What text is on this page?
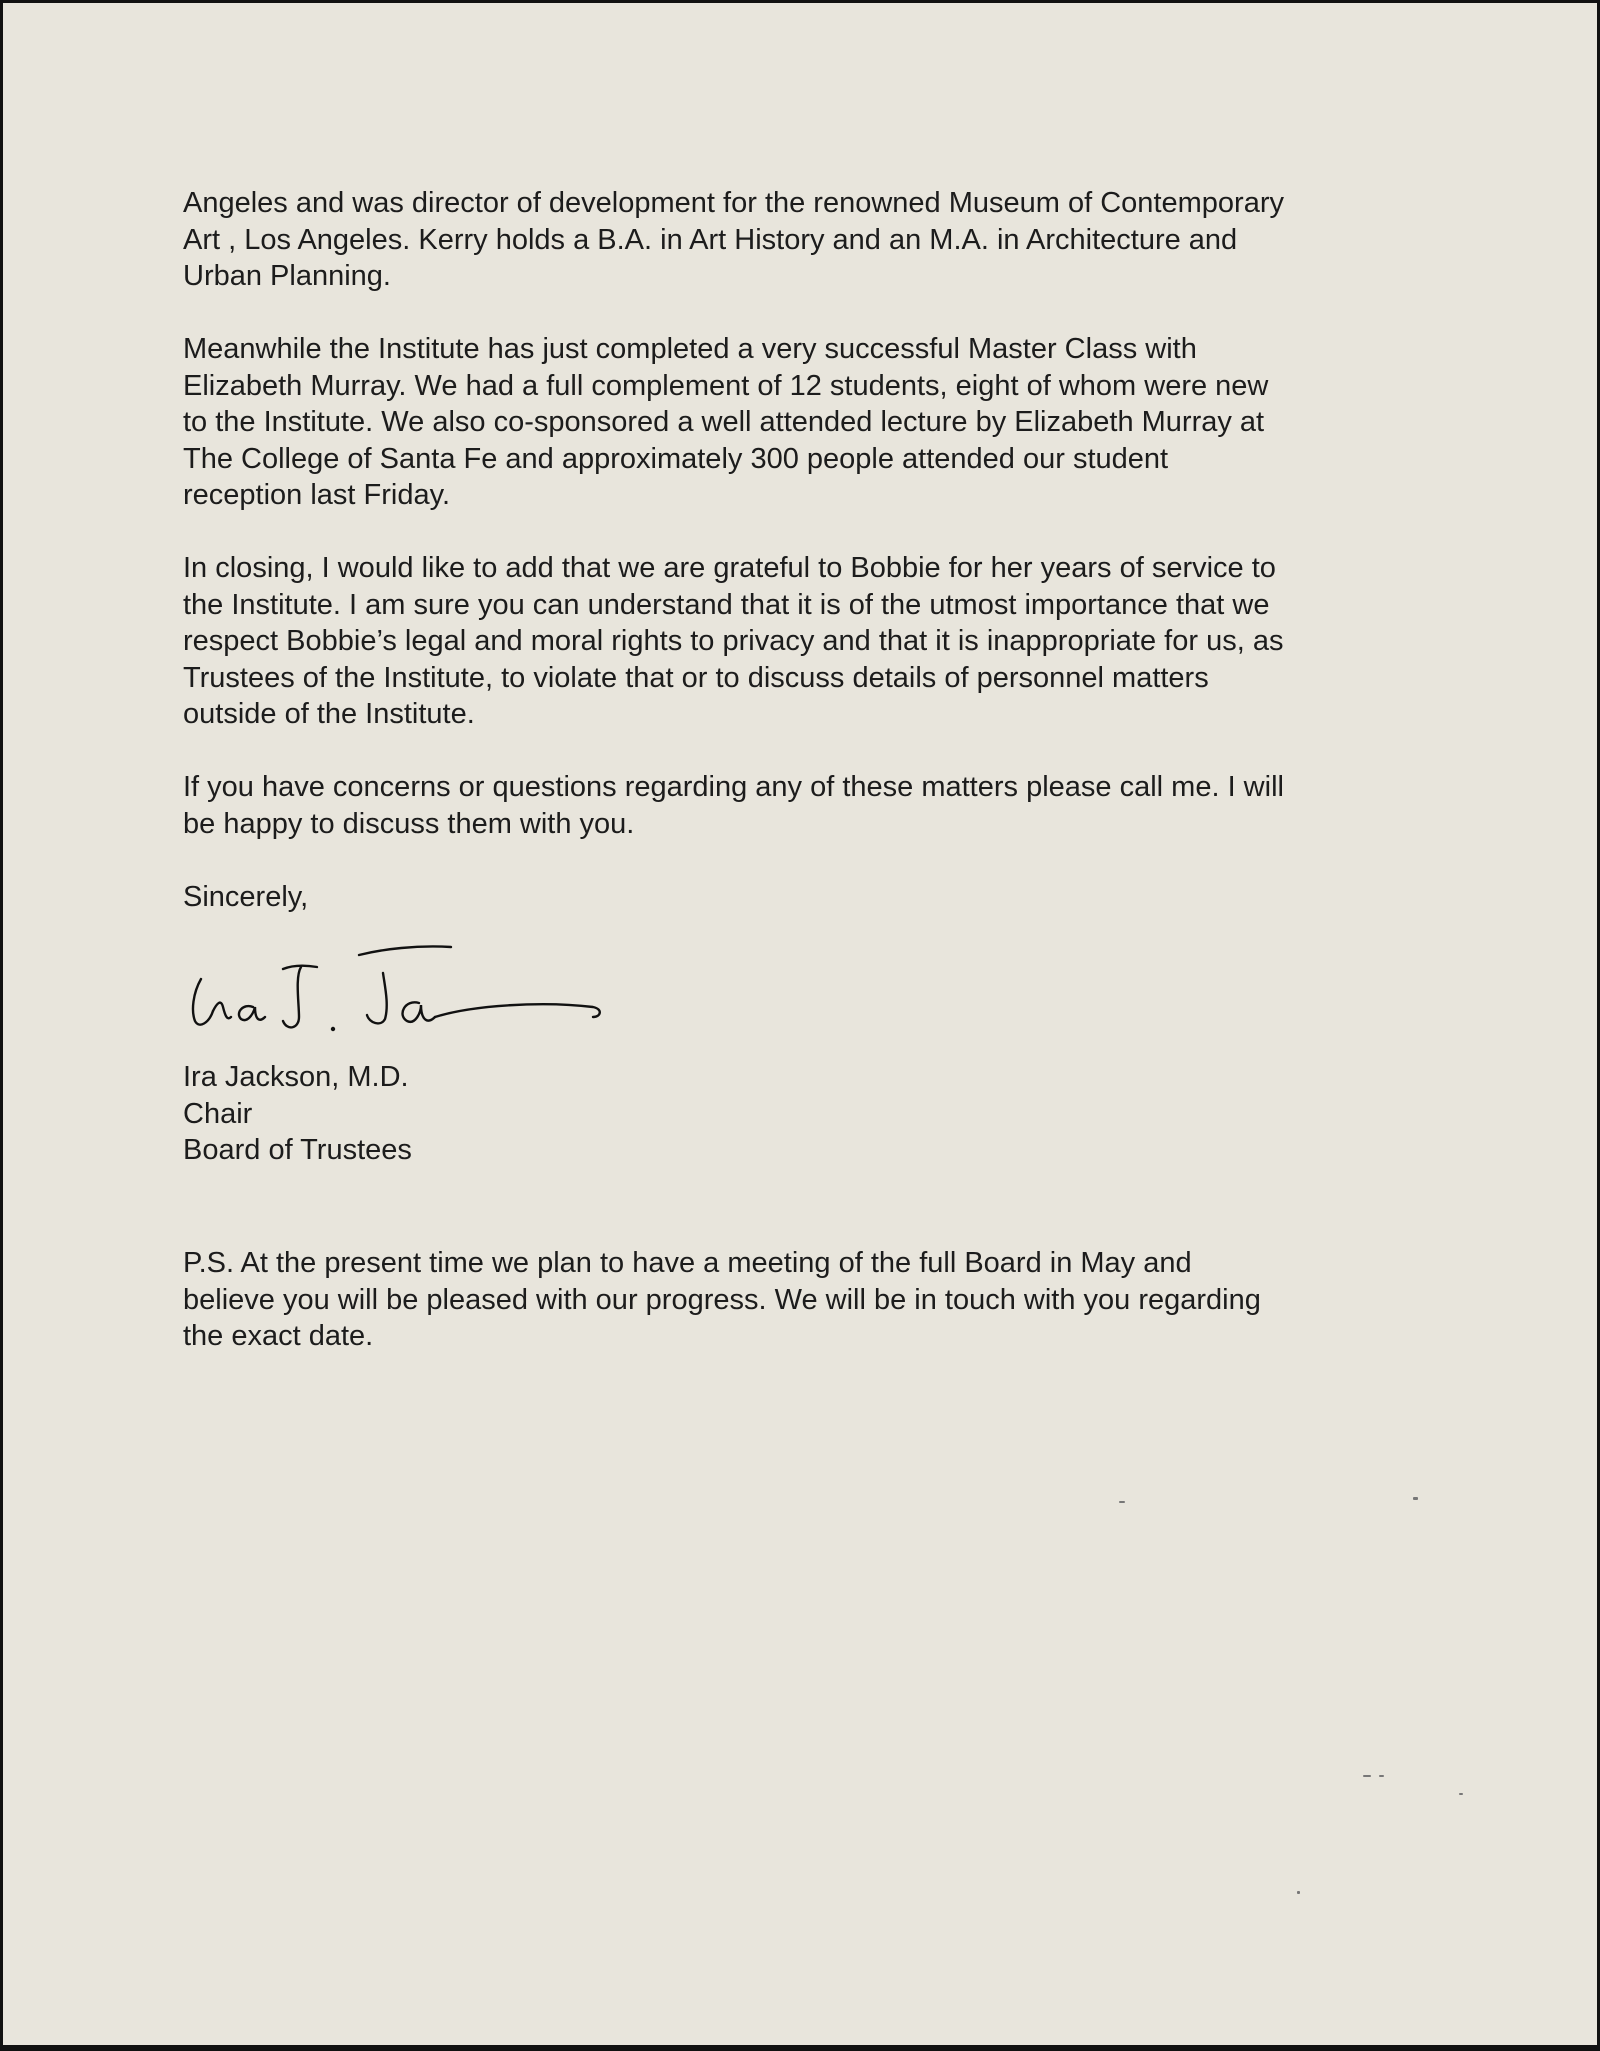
Angeles and was director of development for the renowned Museum of Contemporary
Art , Los Angeles. Kerry holds a B.A. in Art History and an M.A. in Architecture and
Urban Planning.

Meanwhile the Institute has just completed a very successful Master Class with
Elizabeth Murray. We had a full complement of 12 students, eight of whom were new
to the Institute. We also co-sponsored a well attended lecture by Elizabeth Murray at
The College of Santa Fe and approximately 300 people attended our student
reception last Friday.

In closing, I would like to add that we are grateful to Bobbie for her years of service to
the Institute. I am sure you can understand that it is of the utmost importance that we
respect Bobbie’s legal and moral rights to privacy and that it is inappropriate for us, as
Trustees of the Institute, to violate that or to discuss details of personnel matters
outside of the Institute.

If you have concerns or questions regarding any of these matters please call me. I will
be happy to discuss them with you.

Sincerely,

Ira Jackson, M.D.
Chair
Board of Trustees
P.S. At the present time we plan to have a meeting of the full Board in May and
believe you will be pleased with our progress. We will be in touch with you regarding
the exact date.
